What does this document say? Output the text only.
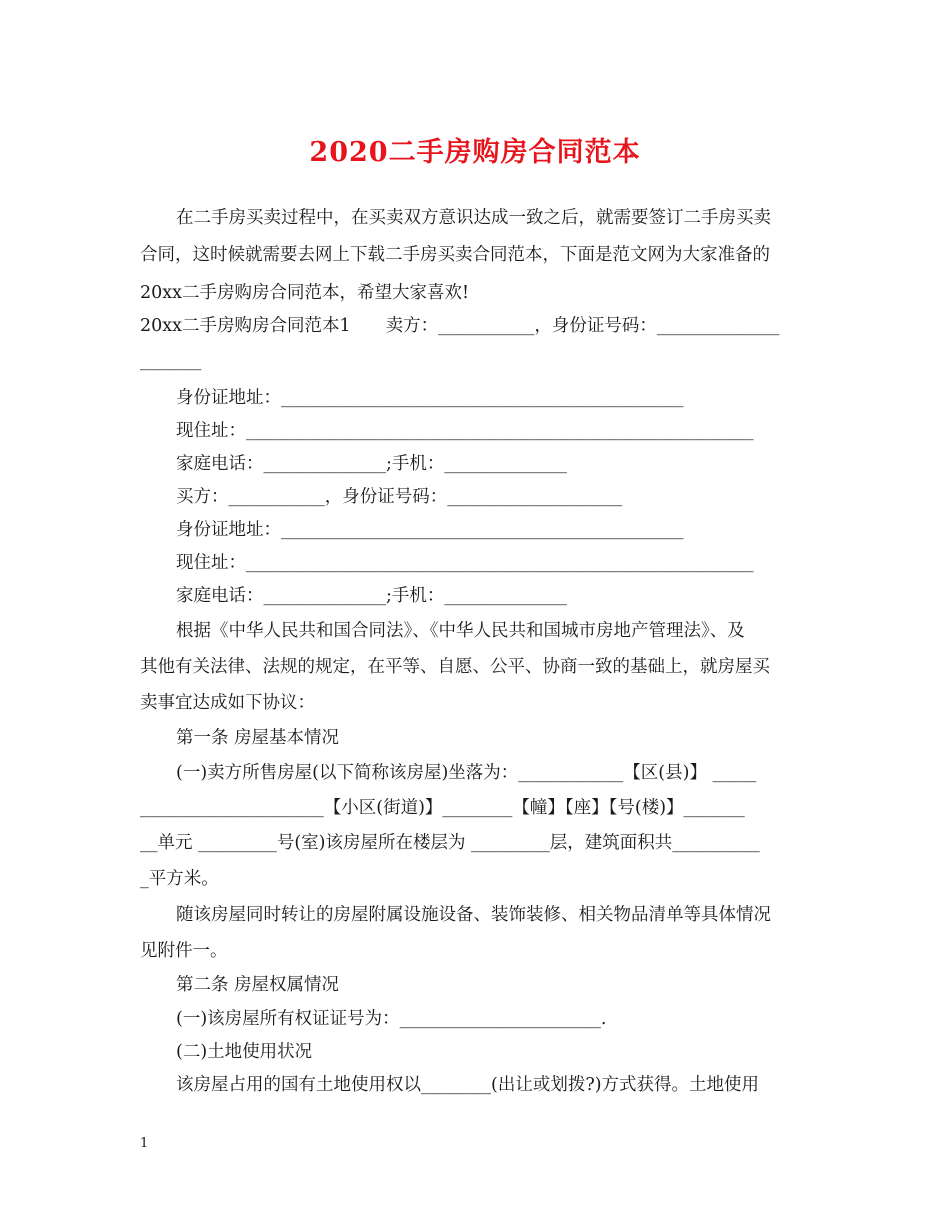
2020二手房购房合同范本
在二手房买卖过程中，在买卖双方意识达成一致之后，就需要签订二手房买卖
合同，这时候就需要去网上下载二手房买卖合同范本，下面是范文网为大家准备的
20xx二手房购房合同范本，希望大家喜欢!
20xx二手房购房合同范本1　　卖方：___________，身份证号码：______________
_______
身份证地址：______________________________________________
现住址：__________________________________________________________
家庭电话：______________;手机：______________
买方：___________，身份证号码：____________________
身份证地址：______________________________________________
现住址：__________________________________________________________
家庭电话：______________;手机：______________
根据《中华人民共和国合同法》、《中华人民共和国城市房地产管理法》、及
其他有关法律、法规的规定，在平等、自愿、公平、协商一致的基础上，就房屋买
卖事宜达成如下协议：
第一条 房屋基本情况
(一)卖方所售房屋(以下简称该房屋)坐落为：____________【区(县)】 _____
_____________________【小区(街道)】________【幢】【座】【号(楼)】_______
__单元 _________号(室)该房屋所在楼层为 _________层，建筑面积共__________
_平方米。
随该房屋同时转让的房屋附属设施设备、装饰装修、相关物品清单等具体情况
见附件一。
第二条 房屋权属情况
(一)该房屋所有权证证号为：_______________________.
(二)土地使用状况
该房屋占用的国有土地使用权以________(出让或划拨?)方式获得。土地使用
1
